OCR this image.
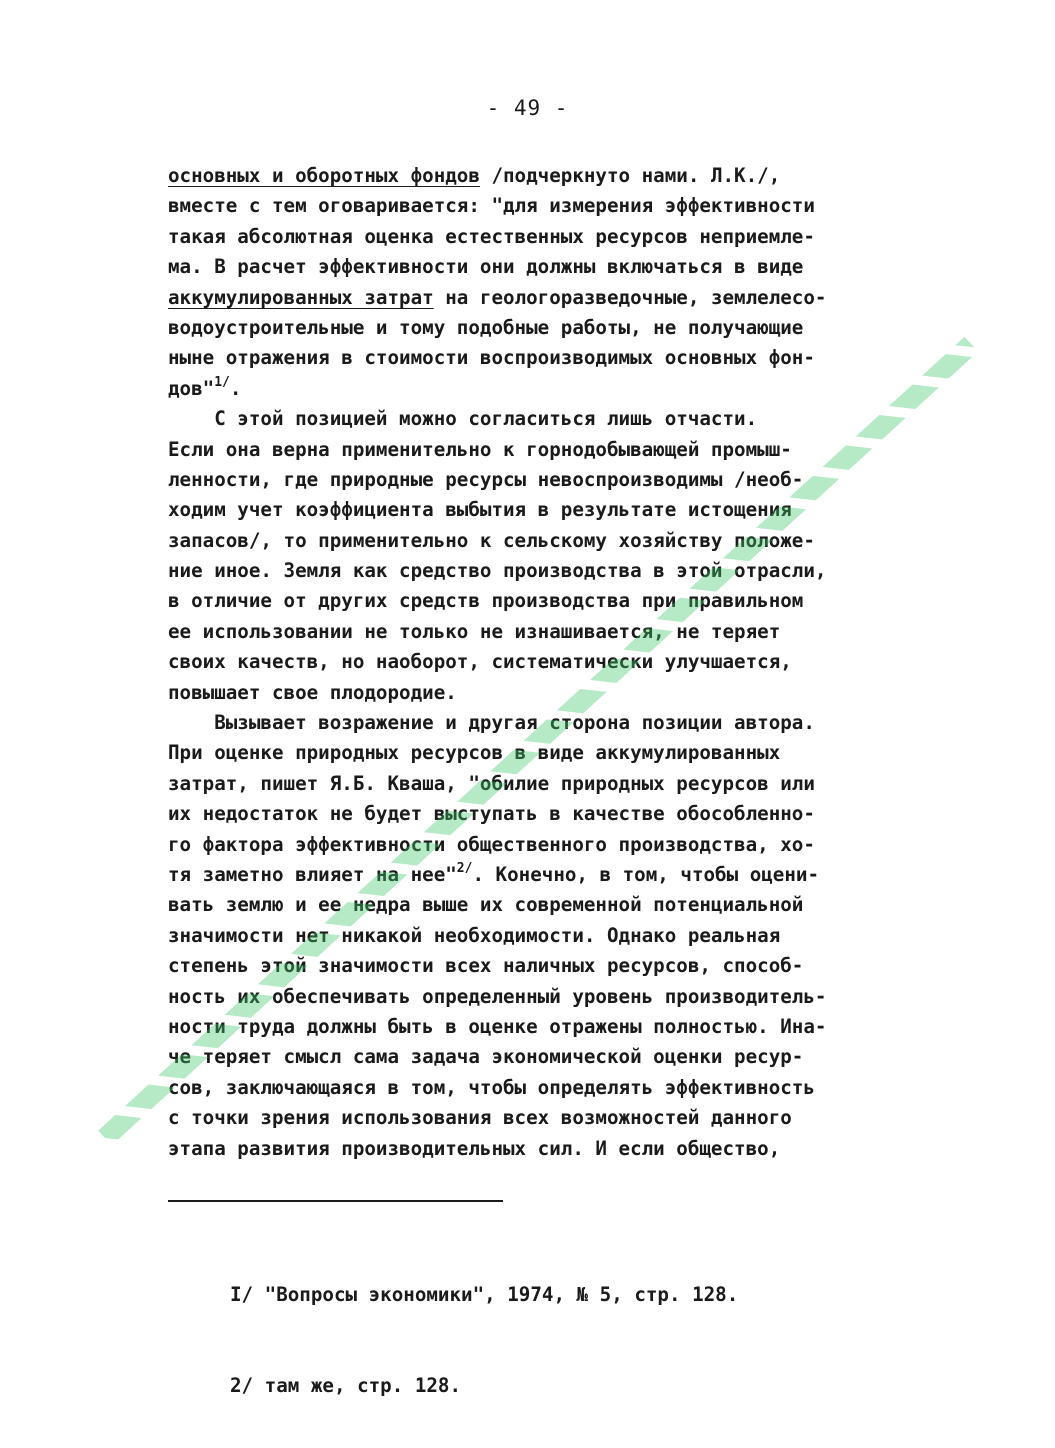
- 49 -
основных и оборотных фондов /подчеркнуто нами. Л.К./,
вместе с тем оговаривается: "для измерения эффективности
такая абсолютная оценка естественных ресурсов неприемле-
ма. В расчет эффективности они должны включаться в виде
аккумулированных затрат на геологоразведочные, землелесо-
водоустроительные и тому подобные работы, не получающие
ныне отражения в стоимости воспроизводимых основных фон-
дов"$^{1/}$.
С этой позицией можно согласиться лишь отчасти.
Если она верна применительно к горнодобывающей промыш-
ленности, где природные ресурсы невоспроизводимы /необ-
ходим учет коэффициента выбытия в результате истощения
запасов/, то применительно к сельскому хозяйству положе-
ние иное. Земля как средство производства в этой отрасли,
в отличие от других средств производства при правильном
ее использовании не только не изнашивается, не теряет
своих качеств, но наоборот, систематически улучшается,
повышает свое плодородие.
Вызывает возражение и другая сторона позиции автора.
При оценке природных ресурсов в виде аккумулированных
затрат, пишет Я.Б. Кваша, "обилие природных ресурсов или
их недостаток не будет выступать в качестве обособленно-
го фактора эффективности общественного производства, хо-
тя заметно влияет на нее"$^{2/}$. Конечно, в том, чтобы оцени-
вать землю и ее недра выше их современной потенциальной
значимости нет никакой необходимости. Однако реальная
степень этой значимости всех наличных ресурсов, способ-
ность их обеспечивать определенный уровень производитель-
ности труда должны быть в оценке отражены полностью. Ина-
че теряет смысл сама задача экономической оценки ресур-
сов, заключающаяся в том, чтобы определять эффективность
с точки зрения использования всех возможностей данного
этапа развития производительных сил. И если общество,

I/ "Вопросы экономики", 1974, № 5, стр. 128.

2/ там же, стр. 128.
